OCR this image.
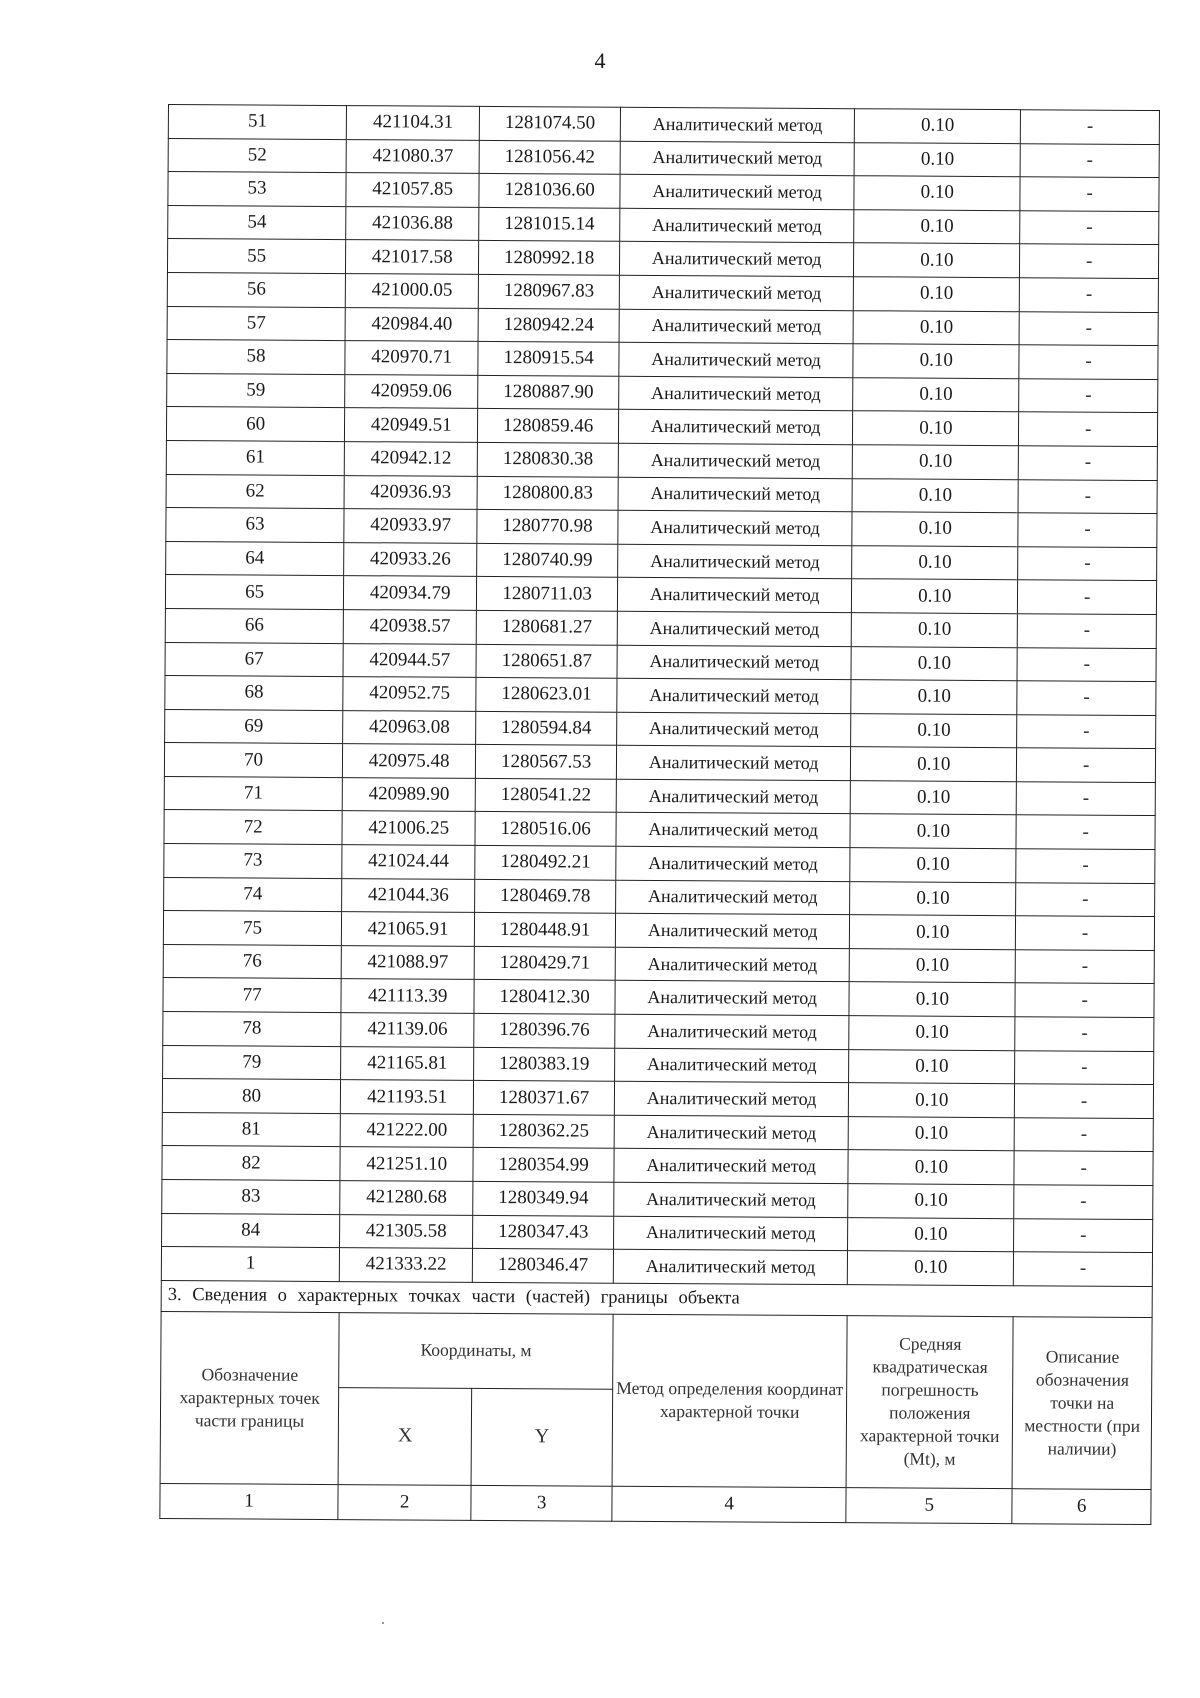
4
51	421104.31	1281074.50	Аналитический метод	0.10	-
52	421080.37	1281056.42	Аналитический метод	0.10	-
53	421057.85	1281036.60	Аналитический метод	0.10	-
54	421036.88	1281015.14	Аналитический метод	0.10	-
55	421017.58	1280992.18	Аналитический метод	0.10	-
56	421000.05	1280967.83	Аналитический метод	0.10	-
57	420984.40	1280942.24	Аналитический метод	0.10	-
58	420970.71	1280915.54	Аналитический метод	0.10	-
59	420959.06	1280887.90	Аналитический метод	0.10	-
60	420949.51	1280859.46	Аналитический метод	0.10	-
61	420942.12	1280830.38	Аналитический метод	0.10	-
62	420936.93	1280800.83	Аналитический метод	0.10	-
63	420933.97	1280770.98	Аналитический метод	0.10	-
64	420933.26	1280740.99	Аналитический метод	0.10	-
65	420934.79	1280711.03	Аналитический метод	0.10	-
66	420938.57	1280681.27	Аналитический метод	0.10	-
67	420944.57	1280651.87	Аналитический метод	0.10	-
68	420952.75	1280623.01	Аналитический метод	0.10	-
69	420963.08	1280594.84	Аналитический метод	0.10	-
70	420975.48	1280567.53	Аналитический метод	0.10	-
71	420989.90	1280541.22	Аналитический метод	0.10	-
72	421006.25	1280516.06	Аналитический метод	0.10	-
73	421024.44	1280492.21	Аналитический метод	0.10	-
74	421044.36	1280469.78	Аналитический метод	0.10	-
75	421065.91	1280448.91	Аналитический метод	0.10	-
76	421088.97	1280429.71	Аналитический метод	0.10	-
77	421113.39	1280412.30	Аналитический метод	0.10	-
78	421139.06	1280396.76	Аналитический метод	0.10	-
79	421165.81	1280383.19	Аналитический метод	0.10	-
80	421193.51	1280371.67	Аналитический метод	0.10	-
81	421222.00	1280362.25	Аналитический метод	0.10	-
82	421251.10	1280354.99	Аналитический метод	0.10	-
83	421280.68	1280349.94	Аналитический метод	0.10	-
84	421305.58	1280347.43	Аналитический метод	0.10	-
1	421333.22	1280346.47	Аналитический метод	0.10	-
3. Сведения о характерных точках части (частей) границы объекта					
Обозначение характерных точек части границы	Координаты, м		Метод определения координат характерной точки	Средняя квадратическая погрешность положения характерной точки (Mt), м	Описание обозначения точки на местности (при наличии)
	X	Y			
1	2	3	4	5	6
